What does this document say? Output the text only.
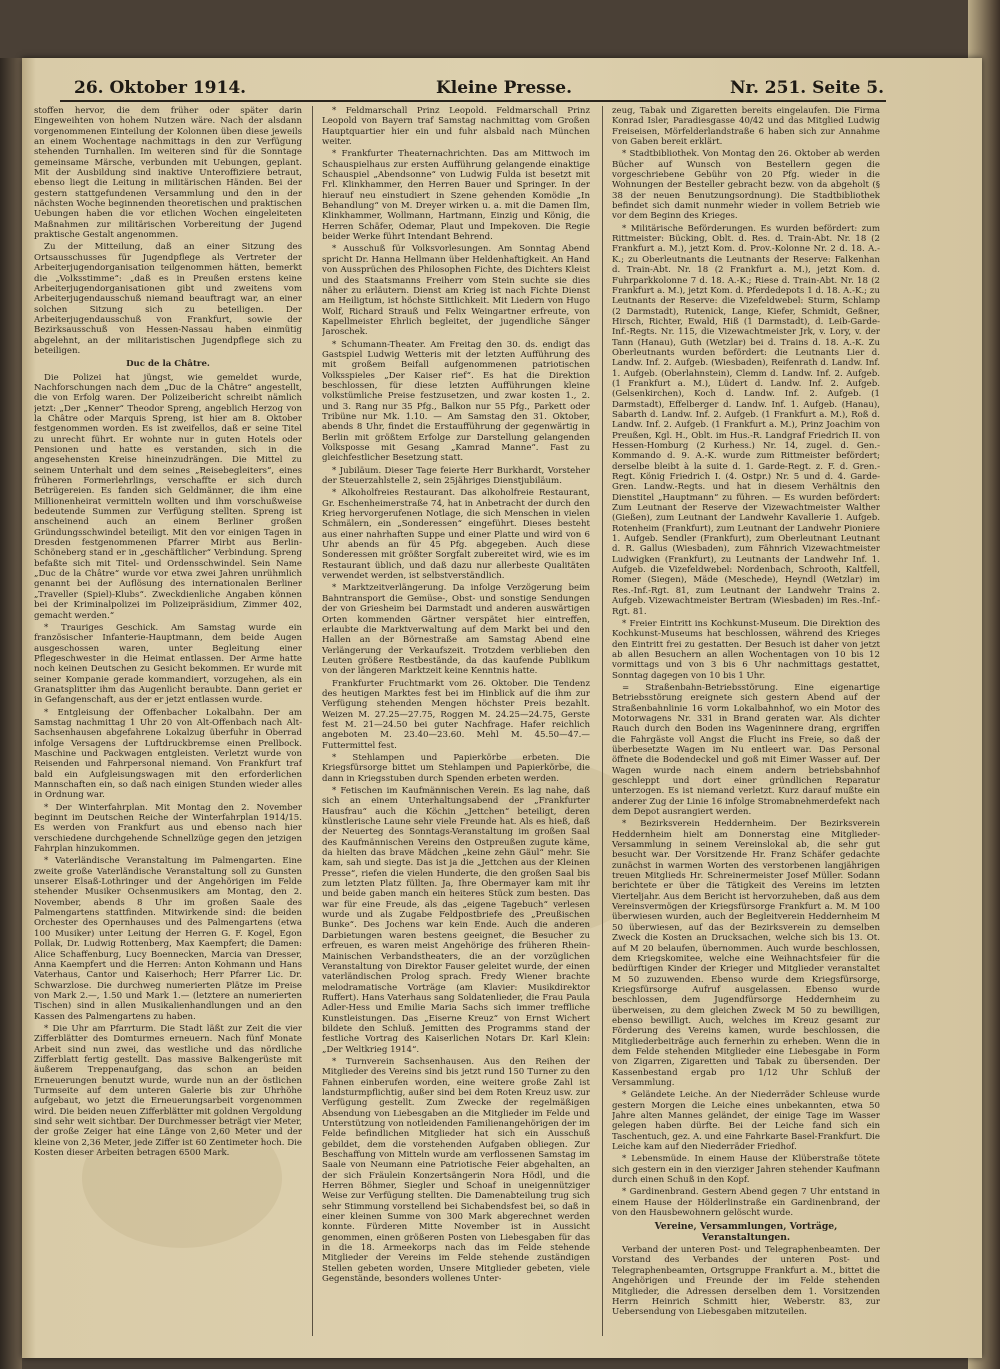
26. Oktober 1914.	Kleine Presse.	Nr. 251. Seite 5.

stoffen hervor, die dem früher oder später darin Eingeweihten von hohem Nutzen wäre. Nach der alsdann vorgenommenen Einteilung der Kolonnen üben diese jeweils an einem Wochentage nachmittags in den zur Verfügung stehenden Turnhallen. Im weiteren sind für die Sonntage gemeinsame Märsche, verbunden mit Uebungen, geplant. Mit der Ausbildung sind inaktive Unteroffiziere betraut, ebenso liegt die Leitung in militärischen Händen. Bei der gestern stattgefundenen Versammlung und den in der nächsten Woche beginnenden theoretischen und praktischen Uebungen haben die vor etlichen Wochen eingeleiteten Maßnahmen zur militärischen Vorbereitung der Jugend praktische Gestalt angenommen.

Zu der Mitteilung, daß an einer Sitzung des Ortsausschusses für Jugendpflege als Vertreter der Arbeiterjugendorganisation teilgenommen hätten, bemerkt die „Volksstimme“: „daß es in Preußen erstens keine Arbeiterjugendorganisationen gibt und zweitens vom Arbeiterjugendausschuß niemand beauftragt war, an einer solchen Sitzung sich zu beteiligen. Der Arbeiterjugendausschuß von Frankfurt, sowie der Bezirksausschuß von Hessen-Nassau haben einmütig abgelehnt, an der militaristischen Jugendpflege sich zu beteiligen.

Duc de la Châtre.

Die Polizei hat jüngst, wie gemeldet wurde, Nachforschungen nach dem „Duc de la Châtre“ angestellt, die von Erfolg waren. Der Polizeibericht schreibt nämlich jetzt: „Der „Kenner“ Theodor Spreng, angeblich Herzog von la Châtre oder Marquis Spreng, ist hier am 8. Oktober festgenommen worden. Es ist zweifellos, daß er seine Titel zu unrecht führt. Er wohnte nur in guten Hotels oder Pensionen und hatte es verstanden, sich in die angesehensten Kreise hineinzudrängen. Die Mittel zu seinem Unterhalt und dem seines „Reisebegleiters“, eines früheren Formerlehrlings, verschaffte er sich durch Betrügereien. Es fanden sich Geldmänner, die ihm eine Millionenheirat vermitteln wollten und ihm vorschußweise bedeutende Summen zur Verfügung stellten. Spreng ist anscheinend auch an einem Berliner großen Gründungsschwindel beteiligt. Mit den vor einigen Tagen in Dresden festgenommenen Pfarrer Mirbt aus Berlin-Schöneberg stand er in „geschäftlicher“ Verbindung. Spreng befaßte sich mit Titel- und Ordensschwindel. Sein Name „Duc de la Châtre“ wurde vor etwa zwei Jahren unrühmlich genannt bei der Auflösung des internationalen Berliner „Traveller (Spiel)-Klubs“. Zweckdienliche Angaben können bei der Kriminalpolizei im Polizeipräsidium, Zimmer 402, gemacht werden.“

* Trauriges Geschick. Am Samstag wurde ein französischer Infanterie-Hauptmann, dem beide Augen ausgeschossen waren, unter Begleitung einer Pflegeschwester in die Heimat entlassen. Der Arme hatte noch keinen Deutschen zu Gesicht bekommen. Er wurde mit seiner Kompanie gerade kommandiert, vorzugehen, als ein Granatsplitter ihm das Augenlicht beraubte. Dann geriet er in Gefangenschaft, aus der er jetzt entlassen wurde.

* Entgleisung der Offenbacher Lokalbahn. Der am Samstag nachmittag 1 Uhr 20 von Alt-Offenbach nach Alt-Sachsenhausen abgefahrene Lokalzug überfuhr in Oberrad infolge Versagens der Luftdruckbremse einen Prellbock. Maschine und Packwagen entgleisten. Verletzt wurde von Reisenden und Fahrpersonal niemand. Von Frankfurt traf bald ein Aufgleisungswagen mit den erforderlichen Mannschaften ein, so daß nach einigen Stunden wieder alles in Ordnung war.

* Der Winterfahrplan. Mit Montag den 2. November beginnt im Deutschen Reiche der Winterfahrplan 1914/15. Es werden von Frankfurt aus und ebenso nach hier verschiedene durchgehende Schnellzüge gegen den jetzigen Fahrplan hinzukommen.

* Vaterländische Veranstaltung im Palmengarten. Eine zweite große Vaterländische Veranstaltung soll zu Gunsten unserer Elsaß-Lothringer und der Angehörigen im Felde stehender Musiker Ochsenmusikers am Montag, den 2. November, abends 8 Uhr im großen Saale des Palmengartens stattfinden. Mitwirkende sind: die beiden Orchester des Opernhauses und des Palmengartens (etwa 100 Musiker) unter Leitung der Herren G. F. Kogel, Egon Pollak, Dr. Ludwig Rottenberg, Max Kaempfert; die Damen: Alice Schaffenburg, Lucy Boennecken, Marcia van Dresser, Anna Kaempfert und die Herren: Anton Kohmann und Hans Vaterhaus, Cantor und Kaiserhoch; Herr Pfarrer Lic. Dr. Schwarzlose. Die durchweg numerierten Plätze im Preise von Mark 2.—, 1.50 und Mark 1.— (letztere an numerierten Tischen) sind in allen Musikalienhandlungen und an den Kassen des Palmengartens zu haben.

* Die Uhr am Pfarrturm. Die Stadt läßt zur Zeit die vier Zifferblätter des Domturmes erneuern. Nach fünf Monate Arbeit sind nun zwei, das westliche und das nördliche Zifferblatt fertig gestellt. Das massive Balkengerüste mit äußerem Treppenaufgang, das schon an beiden Erneuerungen benutzt wurde, wurde nun an der östlichen Turmseite auf dem unteren Galerie bis zur Uhrhöhe aufgebaut, wo jetzt die Erneuerungsarbeit vorgenommen wird. Die beiden neuen Zifferblätter mit goldnen Vergoldung sind sehr weit sichtbar. Der Durchmesser beträgt vier Meter, der große Zeiger hat eine Länge von 2,60 Meter und der kleine von 2,36 Meter, jede Ziffer ist 60 Zentimeter hoch. Die Kosten dieser Arbeiten betragen 6500 Mark.

* Feldmarschall Prinz Leopold. Feldmarschall Prinz Leopold von Bayern traf Samstag nachmittag vom Großen Hauptquartier hier ein und fuhr alsbald nach München weiter.

* Frankfurter Theaternachrichten. Das am Mittwoch im Schauspielhaus zur ersten Aufführung gelangende einaktige Schauspiel „Abendsonne“ von Ludwig Fulda ist besetzt mit Frl. Klinkhammer, den Herren Bauer und Springer. In der hierauf neu einstudiert in Szene gehenden Komödie „In Behandlung“ von M. Dreyer wirken u. a. mit die Damen Ilm, Klinkhammer, Wollmann, Hartmann, Einzig und König, die Herren Schäfer, Odemar, Plaut und Impekoven. Die Regie beider Werke führt Intendant Behrend.

* Ausschuß für Volksvorlesungen. Am Sonntag Abend spricht Dr. Hanna Hellmann über Heldenhaftigkeit. An Hand von Aussprüchen des Philosophen Fichte, des Dichters Kleist und des Staatsmanns Freiherr vom Stein suchte sie dies näher zu erläutern. Dienst am Krieg ist nach Fichte Dienst am Heiligtum, ist höchste Sittlichkeit. Mit Liedern von Hugo Wolf, Richard Strauß und Felix Weingartner erfreute, von Kapellmeister Ehrlich begleitet, der jugendliche Sänger Jaroschek.

* Schumann-Theater. Am Freitag den 30. ds. endigt das Gastspiel Ludwig Wetteris mit der letzten Aufführung des mit großem Beifall aufgenommenen patriotischen Volksspieles „Der Kaiser rief“. Es hat die Direktion beschlossen, für diese letzten Aufführungen kleine volkstümliche Preise festzusetzen, und zwar kosten 1., 2. und 3. Rang nur 35 Pfg., Balkon nur 55 Pfg., Parkett oder Tribüne nur Mk. 1.10. — Am Samstag den 31. Oktober, abends 8 Uhr, findet die Erstaufführung der gegenwärtig in Berlin mit größtem Erfolge zur Darstellung gelangenden Volksposse mit Gesang „Kamrad Manne“. Fast zu gleichfestlicher Besetzung statt.

* Jubiläum. Dieser Tage feierte Herr Burkhardt, Vorsteher der Steuerzahlstelle 2, sein 25jähriges Dienstjubiläum.

* Alkoholfreies Restaurant. Das alkoholfreie Restaurant, Gr. Eschenheimerstraße 74, hat in Anbetracht der durch den Krieg hervorgerufenen Notlage, die sich Menschen in vielen Schmälern, ein „Sonderessen“ eingeführt. Dieses besteht aus einer nahrhaften Suppe und einer Platte und wird von 6 Uhr abends an für 45 Pfg. abgegeben. Auch diese Sonderessen mit größter Sorgfalt zubereitet wird, wie es im Restaurant üblich, und daß dazu nur allerbeste Qualitäten verwendet werden, ist selbstverständlich.

* Marktzeitverlängerung. Da infolge Verzögerung beim Bahntransport die Gemüse-, Obst- und sonstige Sendungen der von Griesheim bei Darmstadt und anderen auswärtigen Orten kommenden Gärtner verspätet hier eintreffen, erlaubte die Marktverwaltung auf dem Markt bei und den Hallen an der Börnestraße am Samstag Abend eine Verlängerung der Verkaufszeit. Trotzdem verblieben den Leuten größere Restbestände, da das kaufende Publikum von der längeren Marktzeit keine Kenntnis hatte.

Frankfurter Fruchtmarkt vom 26. Oktober. Die Tendenz des heutigen Marktes fest bei im Hinblick auf die ihm zur Verfügung stehenden Mengen höchster Preis bezahlt. Weizen M. 27.25—27.75, Roggen M. 24.25—24.75, Gerste fest M. 21—24.50 bei guter Nachfrage. Hafer reichlich angeboten M. 23.40—23.60. Mehl M. 45.50—47.— Futtermittel fest.

* Stehlampen und Papierkörbe erbeten. Die Kriegsfürsorge bittet um Stehlampen und Papierkörbe, die dann in Kriegsstuben durch Spenden erbeten werden.

* Fetischen im Kaufmännischen Verein. Es lag nahe, daß sich an einem Unterhaltungsabend der „Frankfurter Hausfrau“ auch die Köchin „Jettchen“ beteiligt, deren künstlerische Laune sehr viele Freunde hat. Als es hieß, daß der Neuerteg des Sonntags-Veranstaltung im großen Saal des Kaufmännischen Vereins den Ostpreußen zugute käme, da hielten das brave Mädchen „keine zehn Gäul“ mehr. Sie kam, sah und siegte. Das ist ja die „Jettchen aus der Kleinen Presse“, riefen die vielen Hunderte, die den großen Saal bis zum letzten Platz füllten. Ja, Ihre Obermayer kam mit ihr und beide gaben manch ein heiteres Stück zum besten. Das war für eine Freude, als das „eigene Tagebuch“ verlesen wurde und als Zugabe Feldpostbriefe des „Preußischen Bunke“. Des Jochens war kein Ende. Auch die anderen Darbietungen waren bestens geeignet, die Besucher zu erfreuen, es waren meist Angehörige des früheren Rhein-Mainischen Verbandstheaters, die an der vorzüglichen Veranstaltung von Direktor Fauser geleitet wurde, der einen vaterländischen Prolog sprach. Fredy Wiener brachte melodramatische Vorträge (am Klavier: Musikdirektor Ruffert). Hans Vaterhaus sang Soldatenlieder, die Frau Paula Adler-Hess und Emilie Maria Sachs sich immer treffliche Kunstleistungen. Das „Eiserne Kreuz“ von Ernst Wichert bildete den Schluß. Jemitten des Programms stand der festliche Vortrag des Kaiserlichen Notars Dr. Karl Klein: „Der Weltkrieg 1914“.

* Turnverein Sachsenhausen. Aus den Reihen der Mitglieder des Vereins sind bis jetzt rund 150 Turner zu den Fahnen einberufen worden, eine weitere große Zahl ist landsturmpflichtig, außer sind bei dem Roten Kreuz usw. zur Verfügung gestellt. Zum Zwecke der regelmäßigen Absendung von Liebesgaben an die Mitglieder im Felde und Unterstützung von notleidenden Familienangehörigen der im Felde befindlichen Mitglieder hat sich ein Ausschuß gebildet, dem die vorstehenden Aufgaben obliegen. Zur Beschaffung von Mitteln wurde am verflossenen Samstag im Saale von Neumann eine Patriotische Feier abgehalten, an der sich Fräulein Konzertsängerin Nora Hödl, und die Herren Böhmer, Siegler und Schoaf in uneigennütziger Weise zur Verfügung stellten. Die Damenabteilung trug sich sehr Stimmung vorstellend bei Sichabendsfest bei, so daß in einer kleinen Summe von 300 Mark abgerechnet werden konnte. Fürderen Mitte November ist in Aussicht genommen, einen größeren Posten von Liebesgaben für das in die 18. Armeekorps nach das im Felde stehende Mitglieder der Vereins im Felde stehende zuständigen Stellen gebeten worden, Unsere Mitglieder gebeten, viele Gegenstände, besonders wollenes Unter-

zeug, Tabak und Zigaretten bereits eingelaufen. Die Firma Konrad Isler, Paradiesgasse 40/42 und das Mitglied Ludwig Freiseisen, Mörfelderlandstraße 6 haben sich zur Annahme von Gaben bereit erklärt.

* Stadtbibliothek. Von Montag den 26. Oktober ab werden Bücher auf Wunsch von Bestellern gegen die vorgeschriebene Gebühr von 20 Pfg. wieder in die Wohnungen der Besteller gebracht bezw. von da abgeholt (§ 38 der neuen Benutzungsordnung). Die Stadtbibliothek befindet sich damit nunmehr wieder in vollem Betrieb wie vor dem Beginn des Krieges.

* Militärische Beförderungen. Es wurden befördert: zum Rittmeister: Bücking, Oblt. d. Res. d. Train-Abt. Nr. 18 (2 Frankfurt a. M.), jetzt Kom. d. Prov.-Kolonne Nr. 2 d. 18. A.-K.; zu Oberleutnants die Leutnants der Reserve: Falkenhan d. Train-Abt. Nr. 18 (2 Frankfurt a. M.), jetzt Kom. d. Fuhrparkkolonne 7 d. 18. A.-K.; Riese d. Train-Abt. Nr. 18 (2 Frankfurt a. M.), jetzt Kom. d. Pferdedepots 1 d. 18. A.-K.; zu Leutnants der Reserve: die Vizefeldwebel: Sturm, Schlamp (2 Darmstadt), Rutenick, Lange, Kiefer, Schmidt, Geßner, Hirsch, Richter, Ewald, Hiß (1 Darmstadt), d. Leib-Garde-Inf.-Regts. Nr. 115, die Vizewachtmeister Jrk, v. Lory, v. der Tann (Hanau), Guth (Wetzlar) bei d. Trains d. 18. A.-K. Zu Oberleutnants wurden befördert: die Leutnants Lier d. Landw. Inf. 2. Aufgeb. (Wiesbaden), Reifenrath d. Landw. Inf. 1. Aufgeb. (Oberlahnstein), Clemm d. Landw. Inf. 2. Aufgeb. (1 Frankfurt a. M.), Lüdert d. Landw. Inf. 2. Aufgeb. (Gelsenkirchen), Koch d. Landw. Inf. 2. Aufgeb. (1 Darmstadt), Effelberger d. Landw. Inf. 1. Aufgeb. (Hanau), Sabarth d. Landw. Inf. 2. Aufgeb. (1 Frankfurt a. M.), Roß d. Landw. Inf. 2. Aufgeb. (1 Frankfurt a. M.), Prinz Joachim von Preußen, Kgl. H., Oblt. im Hus.-R. Landgraf Friedrich II. von Hessen-Homburg (2 Kurhess.) Nr. 14, zugel. d. Gen.-Kommando d. 9. A.-K. wurde zum Rittmeister befördert; derselbe bleibt à la suite d. 1. Garde-Regt. z. F. d. Gren.-Regt. König Friedrich I. (4. Ostpr.) Nr. 5 und d. 4. Garde-Gren. Landw.-Regts. und hat in diesem Verhältnis den Dienstitel „Hauptmann“ zu führen. — Es wurden befördert: Zum Leutnant der Reserve der Vizewachtmeister Walther (Gießen), zum Leutnant der Landwehr Kavallerie 1. Aufgeb. Rotenheim (Frankfurt), zum Leutnant der Landwehr Pioniere 1. Aufgeb. Sendler (Frankfurt), zum Oberleutnant Leutnant d. R. Gallus (Wiesbaden), zum Fähnrich Vizewachtmeister Ludwigken (Frankfurt), zu Leutnants der Landwehr Inf. 1. Aufgeb. die Vizefeldwebel: Nordenbach, Schrooth, Kaltfell, Romer (Siegen), Mäde (Meschede), Heyndl (Wetzlar) im Res.-Inf.-Rgt. 81, zum Leutnant der Landwehr Trains 2. Aufgeb. Vizewachtmeister Bertram (Wiesbaden) im Res.-Inf.-Rgt. 81.

* Freier Eintritt ins Kochkunst-Museum. Die Direktion des Kochkunst-Museums hat beschlossen, während des Krieges den Eintritt frei zu gestatten. Der Besuch ist daher von jetzt ab allen Besuchern an allen Wochentagen von 10 bis 12 vormittags und von 3 bis 6 Uhr nachmittags gestattet, Sonntag dagegen von 10 bis 1 Uhr.

= Straßenbahn-Betriebsstörung. Eine eigenartige Betriebsstörung ereignete sich gestern Abend auf der Straßenbahnlinie 16 vorm Lokalbahnhof, wo ein Motor des Motorwagens Nr. 331 in Brand geraten war. Als dichter Rauch durch den Boden ins Wageninnere drang, ergriffen die Fahrgäste voll Angst die Flucht ins Freie, so daß der überbesetzte Wagen im Nu entleert war. Das Personal öffnete die Bodendeckel und goß mit Eimer Wasser auf. Der Wagen wurde nach einem andern betriebsbahnhof geschleppt und dort einer gründlichen Reparatur unterzogen. Es ist niemand verletzt. Kurz darauf mußte ein anderer Zug der Linie 16 infolge Stromabnehmerdefekt nach dem Depot ausrangiert werden.

* Bezirksverein Heddernheim. Der Bezirksverein Heddernheim hielt am Donnerstag eine Mitglieder-Versammlung in seinem Vereinslokal ab, die sehr gut besucht war. Der Vorsitzende Hr. Franz Schäfer gedachte zunächst in warmen Worten des verstorbenen langjährigen treuen Mitglieds Hr. Schreinermeister Josef Müller. Sodann berichtete er über die Tätigkeit des Vereins im letzten Vierteljahr. Aus dem Bericht ist hervorzuheben, daß aus dem Vereinsvermögen der Kriegsfürsorge Frankfurt a. M. M 100 überwiesen wurden, auch der Begleitverein Heddernheim M 50 überwiesen, auf das der Bezirksverein zu demselben Zweck die Kosten an Drucksachen, welche sich bis 13. Ot. auf M 20 belaufen, übernommen. Auch wurde beschlossen, dem Kriegskomitee, welche eine Weihnachtsfeier für die bedürftigen Kinder der Krieger und Mitglieder veranstaltet M 50 zuzuwenden. Ebenso wurde dem Kriegsfürsorge, Kriegsfürsorge Aufruf ausgelassen. Ebenso wurde beschlossen, dem Jugendfürsorge Heddernheim zu überweisen, zu dem gleichen Zweck M 50 zu bewilligen, ebenso bewilligt. Auch, welches im Kreuz gesamt zur Förderung des Vereins kamen, wurde beschlossen, die Mitgliederbeiträge auch fernerhin zu erheben. Wenn die in dem Felde stehenden Mitglieder eine Liebesgabe in Form von Zigarren, Zigaretten und Tabak zu übersenden. Der Kassenbestand ergab pro 1/12 Uhr Schluß der Versammlung.

* Geländete Leiche. An der Niederräder Schleuse wurde gestern Morgen die Leiche eines unbekannten, etwa 50 Jahre alten Mannes geländet, der einige Tage im Wasser gelegen haben dürfte. Bei der Leiche fand sich ein Taschentuch, gez. A. und eine Fahrkarte Basel-Frankfurt. Die Leiche kam auf den Niederräder Friedhof.

* Lebensmüde. In einem Hause der Klüberstraße tötete sich gestern ein in den vierziger Jahren stehender Kaufmann durch einen Schuß in den Kopf.

* Gardinenbrand. Gestern Abend gegen 7 Uhr entstand in einem Hause der Hölderlinstraße ein Gardinenbrand, der von den Hausbewohnern gelöscht wurde.

Vereine, Versammlungen, Vorträge, Veranstaltungen.

Verband der unteren Post- und Telegraphenbeamten. Der Vorstand des Verbandes der unteren Post- und Telegraphenbeamten, Ortsgruppe Frankfurt a. M., bittet die Angehörigen und Freunde der im Felde stehenden Mitglieder, die Adressen derselben dem 1. Vorsitzenden Herrn Heinrich Schmitt hier, Weberstr. 83, zur Uebersendung von Liebesgaben mitzuteilen.
